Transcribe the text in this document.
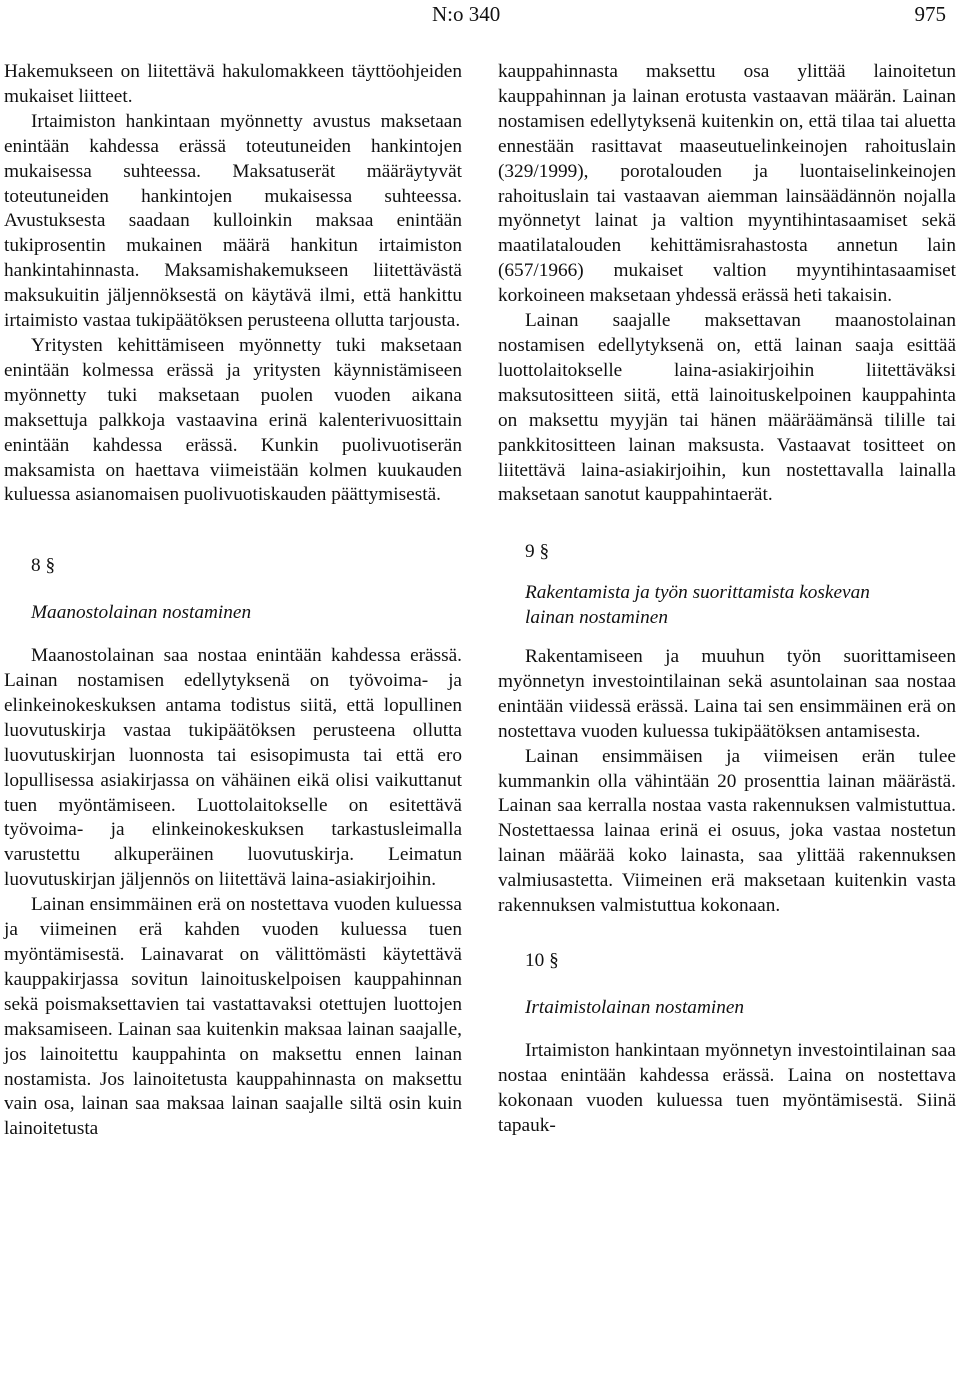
N:o 340	975

Hakemukseen on liitettävä hakulomakkeen täyttöohjeiden mukaiset liitteet.

Irtaimiston hankintaan myönnetty avustus maksetaan enintään kahdessa erässä toteutuneiden hankintojen mukaisessa suhteessa. Maksatuserät määräytyvät toteutuneiden hankintojen mukaisessa suhteessa. Avustuksesta saadaan kulloinkin maksaa enintään tukiprosentin mukainen määrä hankitun irtaimiston hankintahinnasta. Maksamishakemukseen liitettävästä maksukuitin jäljennöksestä on käytävä ilmi, että hankittu irtaimisto vastaa tukipäätöksen perusteena ollutta tarjousta.

Yritysten kehittämiseen myönnetty tuki maksetaan enintään kolmessa erässä ja yritysten käynnistämiseen myönnetty tuki maksetaan puolen vuoden aikana maksettuja palkkoja vastaavina erinä kalenterivuosittain enintään kahdessa erässä. Kunkin puolivuotiserän maksamista on haettava viimeistään kolmen kuukauden kuluessa asianomaisen puolivuotiskauden päättymisestä.

8 §

Maanostolainan nostaminen

Maanostolainan saa nostaa enintään kahdessa erässä. Lainan nostamisen edellytyksenä on työvoima- ja elinkeinokeskuksen antama todistus siitä, että lopullinen luovutuskirja vastaa tukipäätöksen perusteena ollutta luovutuskirjan luonnosta tai esisopimusta tai että ero lopullisessa asiakirjassa on vähäinen eikä olisi vaikuttanut tuen myöntämiseen. Luottolaitokselle on esitettävä työvoima- ja elinkeinokeskuksen tarkastusleimalla varustettu alkuperäinen luovutuskirja. Leimatun luovutuskirjan jäljennös on liitettävä laina-asiakirjoihin.

Lainan ensimmäinen erä on nostettava vuoden kuluessa ja viimeinen erä kahden vuoden kuluessa tuen myöntämisestä. Lainavarat on välittömästi käytettävä kauppakirjassa sovitun lainoituskelpoisen kauppahinnan sekä poismaksettavien tai vastattavaksi otettujen luottojen maksamiseen. Lainan saa kuitenkin maksaa lainan saajalle, jos lainoitettu kauppahinta on maksettu ennen lainan nostamista. Jos lainoitetusta kauppahinnasta on maksettu vain osa, lainan saa maksaa lainan saajalle siltä osin kuin lainoitetusta

kauppahinnasta maksettu osa ylittää lainoitetun kauppahinnan ja lainan erotusta vastaavan määrän. Lainan nostamisen edellytyksenä kuitenkin on, että tilaa tai aluetta ennestään rasittavat maaseutuelinkeinojen rahoituslain (329/1999), porotalouden ja luontaiselinkeinojen rahoituslain tai vastaavan aiemman lainsäädännön nojalla myönnetyt lainat ja valtion myyntihintasaamiset sekä maatilatalouden kehittämisrahastosta annetun lain (657/1966) mukaiset valtion myyntihintasaamiset korkoineen maksetaan yhdessä erässä heti takaisin.

Lainan saajalle maksettavan maanostolainan nostamisen edellytyksenä on, että lainan saaja esittää luottolaitokselle laina-asiakirjoihin liitettäväksi maksutositteen siitä, että lainoituskelpoinen kauppahinta on maksettu myyjän tai hänen määräämänsä tilille tai pankkitositteen lainan maksusta. Vastaavat tositteet on liitettävä laina-asiakirjoihin, kun nostettavalla lainalla maksetaan sanotut kauppahintaerät.

9 §

Rakentamista ja työn suorittamista koskevan

lainan nostaminen

Rakentamiseen ja muuhun työn suorittamiseen myönnetyn investointilainan sekä asuntolainan saa nostaa enintään viidessä erässä. Laina tai sen ensimmäinen erä on nostettava vuoden kuluessa tukipäätöksen antamisesta.

Lainan ensimmäisen ja viimeisen erän tulee kummankin olla vähintään 20 prosenttia lainan määrästä. Lainan saa kerralla nostaa vasta rakennuksen valmistuttua. Nostettaessa lainaa erinä ei osuus, joka vastaa nostetun lainan määrää koko lainasta, saa ylittää rakennuksen valmiusastetta. Viimeinen erä maksetaan kuitenkin vasta rakennuksen valmistuttua kokonaan.

10 §

Irtaimistolainan nostaminen

Irtaimiston hankintaan myönnetyn investointilainan saa nostaa enintään kahdessa erässä. Laina on nostettava kokonaan vuoden kuluessa tuen myöntämisestä. Siinä tapauk-
